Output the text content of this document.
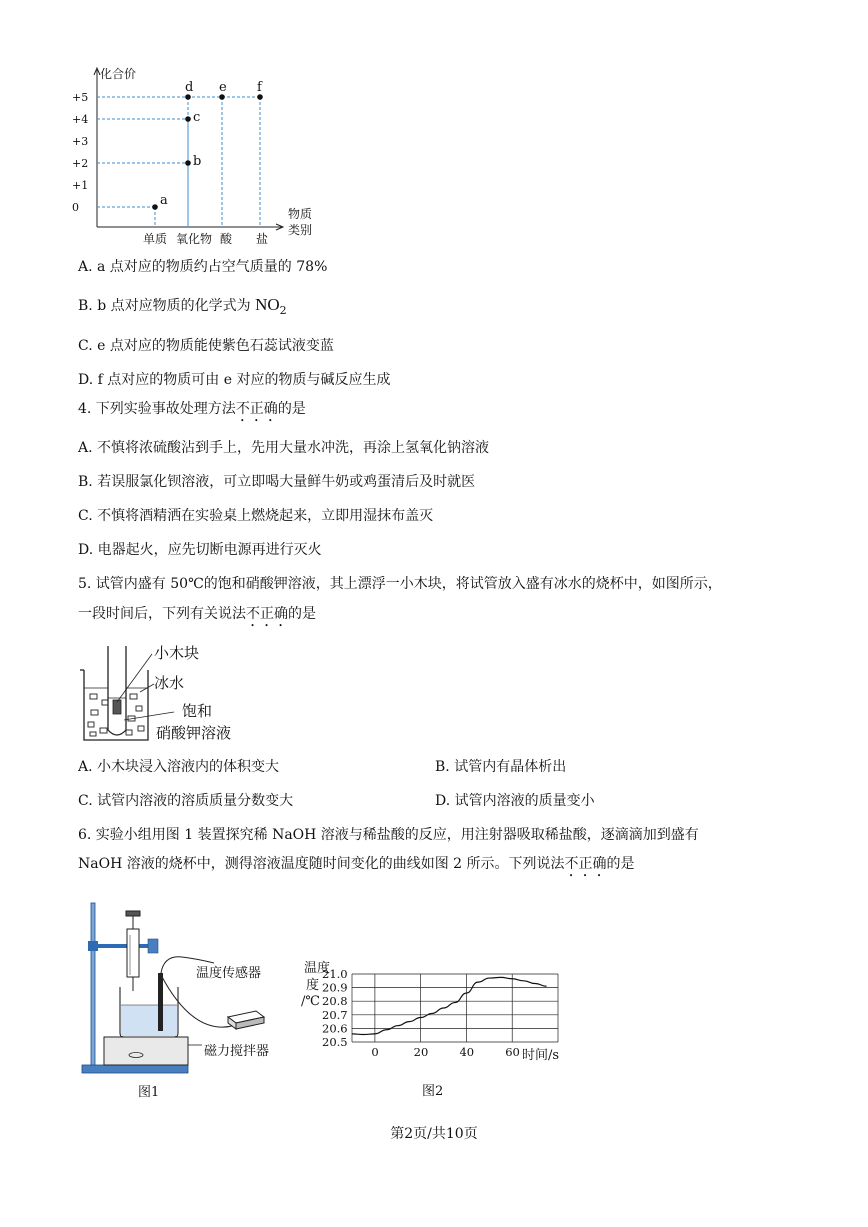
化合价
+5
+4
+3
+2
+1
0	物质
类别
单质 氧化物 酸 盐
a
b
c
d e f
A. a 点对应的物质约占空气质量的 78%
B. b 点对应物质的化学式为 $NO_2$
C. e 点对应的物质能使紫色石蕊试液变蓝
D. f 点对应的物质可由 e 对应的物质与碱反应生成
4. 下列实验事故处理方法不正确的是
A. 不慎将浓硫酸沾到手上，先用大量水冲洗，再涂上氢氧化钠溶液
B. 若误服氯化钡溶液，可立即喝大量鲜牛奶或鸡蛋清后及时就医
C. 不慎将酒精洒在实验桌上燃烧起来，立即用湿抹布盖灭
D. 电器起火，应先切断电源再进行灭火
5. 试管内盛有 50℃的饱和硝酸钾溶液，其上漂浮一小木块，将试管放入盛有冰水的烧杯中，如图所示，
一段时间后，下列有关说法不正确的是
小木块
冰水
饱和
硝酸钾溶液
A. 小木块浸入溶液内的体积变大	B. 试管内有晶体析出
C. 试管内溶液的溶质质量分数变大	D. 试管内溶液的质量变小
6. 实验小组用图 1 装置探究稀 NaOH 溶液与稀盐酸的反应，用注射器吸取稀盐酸，逐滴滴加到盛有
NaOH 溶液的烧杯中，测得溶液温度随时间变化的曲线如图 2 所示。下列说法不正确的是
温度传感器
磁力搅拌器
图1
温度
度
/℃
21.0
20.9
20.8
20.7
20.6
20.5
0	20	40	60 时间/s
图2
第2页/共10页
